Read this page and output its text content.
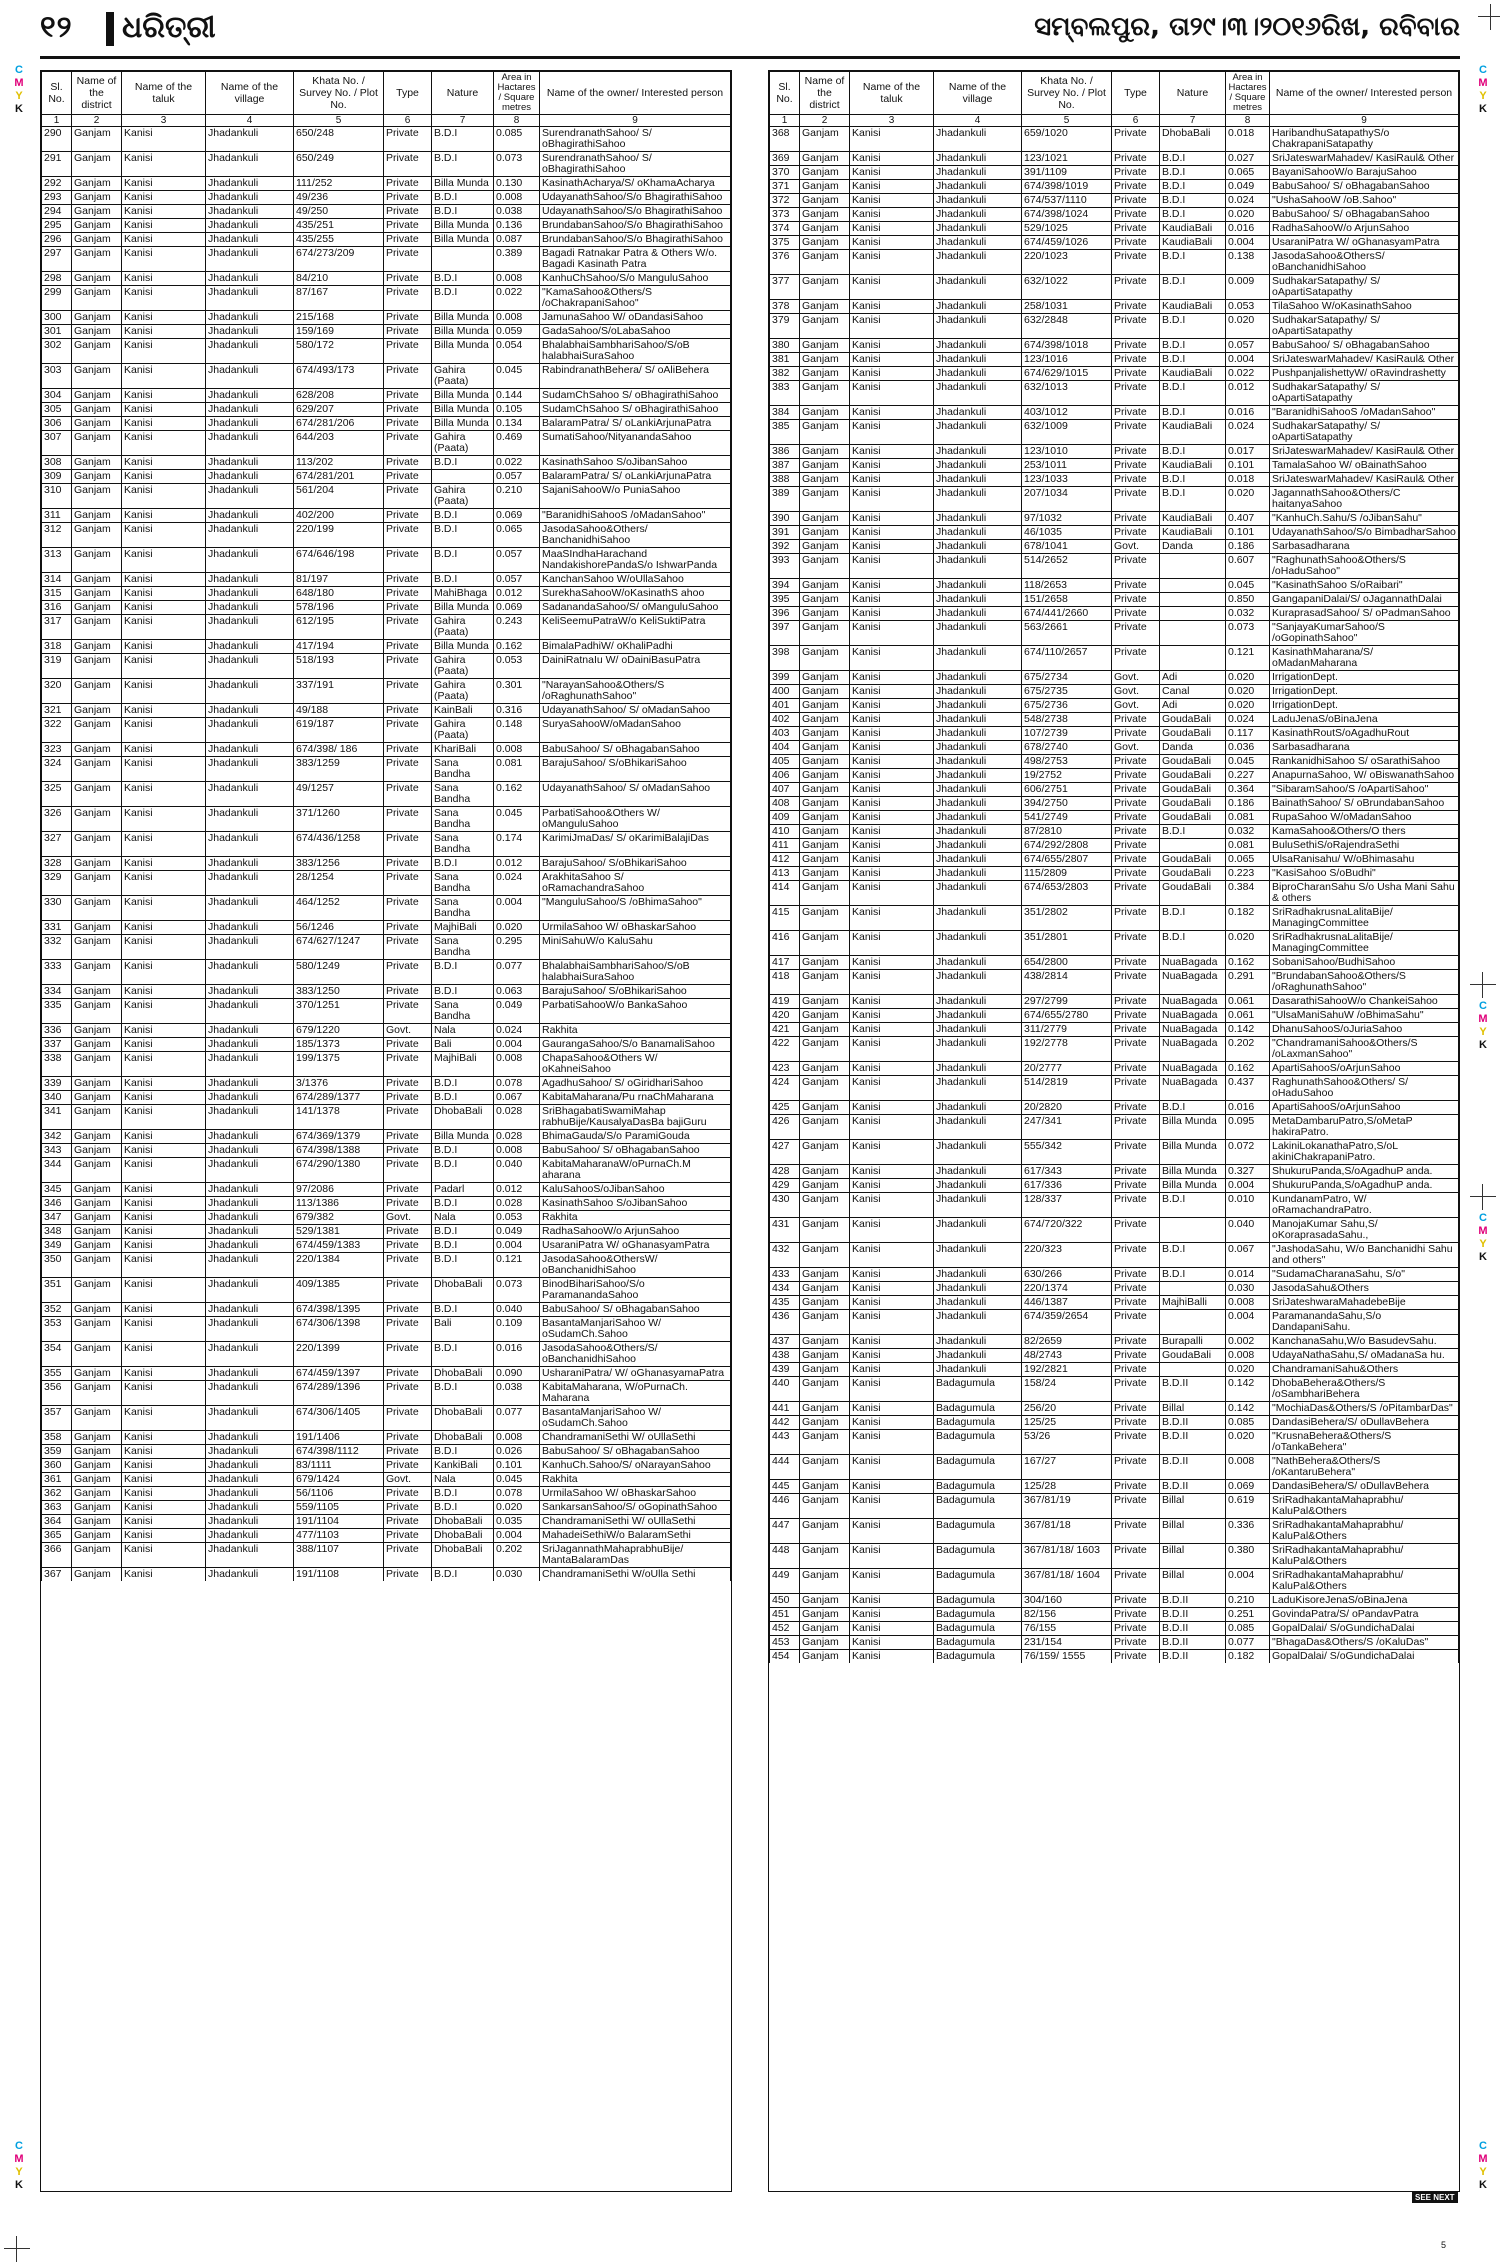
୧୨ ଧରିତ୍ରୀ	ସମ୍ବଲପୁର, ତା୨୯।୩।୨୦୧୬ରିଖ, ରବିବାର
C
M
Y
K
C
M
Y
K
C
M
Y
K
C
M
Y
K
C
M
Y
K
C
M
Y
K
Sl. No.	Name of the district	Name of the taluk	Name of the village	Khata No. / Survey No. / Plot No.	Type	Nature	Area in Hactares / Square metres	Name of the owner/ Interested person
1	2	3	4	5	6	7	8	9
290	Ganjam	Kanisi	Jhadankuli	650/248	Private	B.D.I	0.085	SurendranathSahoo/ S/ oBhagirathiSahoo
291	Ganjam	Kanisi	Jhadankuli	650/249	Private	B.D.I	0.073	SurendranathSahoo/ S/ oBhagirathiSahoo
292	Ganjam	Kanisi	Jhadankuli	111/252	Private	Billa Munda	0.130	KasinathAcharya/S/ oKhamaAcharya
293	Ganjam	Kanisi	Jhadankuli	49/236	Private	B.D.I	0.008	UdayanathSahoo/S/o BhagirathiSahoo
294	Ganjam	Kanisi	Jhadankuli	49/250	Private	B.D.I	0.038	UdayanathSahoo/S/o BhagirathiSahoo
295	Ganjam	Kanisi	Jhadankuli	435/251	Private	Billa Munda	0.136	BrundabanSahoo/S/o BhagirathiSahoo
296	Ganjam	Kanisi	Jhadankuli	435/255	Private	Billa Munda	0.087	BrundabanSahoo/S/o BhagirathiSahoo
297	Ganjam	Kanisi	Jhadankuli	674/273/209	Private		0.389	Bagadi Ratnakar Patra & Others W/o. Bagadi Kasinath Patra
298	Ganjam	Kanisi	Jhadankuli	84/210	Private	B.D.I	0.008	KanhuChSahoo/S/o ManguluSahoo
299	Ganjam	Kanisi	Jhadankuli	87/167	Private	B.D.I	0.022	"KamaSahoo&Others/S /oChakrapaniSahoo"
300	Ganjam	Kanisi	Jhadankuli	215/168	Private	Billa Munda	0.008	JamunaSahoo W/ oDandasiSahoo
301	Ganjam	Kanisi	Jhadankuli	159/169	Private	Billa Munda	0.059	GadaSahoo/S/oLabaSahoo
302	Ganjam	Kanisi	Jhadankuli	580/172	Private	Billa Munda	0.054	BhalabhaiSambhariSahoo/S/oB halabhaiSuraSahoo
303	Ganjam	Kanisi	Jhadankuli	674/493/173	Private	Gahira (Paata)	0.045	RabindranathBehera/ S/ oAliBehera
304	Ganjam	Kanisi	Jhadankuli	628/208	Private	Billa Munda	0.144	SudamChSahoo S/ oBhagirathiSahoo
305	Ganjam	Kanisi	Jhadankuli	629/207	Private	Billa Munda	0.105	SudamChSahoo S/ oBhagirathiSahoo
306	Ganjam	Kanisi	Jhadankuli	674/281/206	Private	Billa Munda	0.134	BalaramPatra/ S/ oLankiArjunaPatra
307	Ganjam	Kanisi	Jhadankuli	644/203	Private	Gahira (Paata)	0.469	SumatiSahoo/NityanandaSahoo
308	Ganjam	Kanisi	Jhadankuli	113/202	Private	B.D.I	0.022	KasinathSahoo S/oJibanSahoo
309	Ganjam	Kanisi	Jhadankuli	674/281/201	Private		0.057	BalaramPatra/ S/ oLankiArjunaPatra
310	Ganjam	Kanisi	Jhadankuli	561/204	Private	Gahira (Paata)	0.210	SajaniSahooW/o PuniaSahoo
311	Ganjam	Kanisi	Jhadankuli	402/200	Private	B.D.I	0.069	"BaranidhiSahooS /oMadanSahoo"
312	Ganjam	Kanisi	Jhadankuli	220/199	Private	B.D.I	0.065	JasodaSahoo&Others/ BanchanidhiSahoo
313	Ganjam	Kanisi	Jhadankuli	674/646/198	Private	B.D.I	0.057	MaaSIndhaHarachand NandakishorePandaS/o IshwarPanda
314	Ganjam	Kanisi	Jhadankuli	81/197	Private	B.D.I	0.057	KanchanSahoo W/oUllaSahoo
315	Ganjam	Kanisi	Jhadankuli	648/180	Private	MahiBhaga	0.012	SurekhaSahooW/oKasinathS ahoo
316	Ganjam	Kanisi	Jhadankuli	578/196	Private	Billa Munda	0.069	SadanandaSahoo/S/ oManguluSahoo
317	Ganjam	Kanisi	Jhadankuli	612/195	Private	Gahira (Paata)	0.243	KeliSeemuPatraW/o KeliSuktiPatra
318	Ganjam	Kanisi	Jhadankuli	417/194	Private	Billa Munda	0.162	BimalaPadhiW/ oKhaliPadhi
319	Ganjam	Kanisi	Jhadankuli	518/193	Private	Gahira (Paata)	0.053	DainiRatnaIu W/ oDainiBasuPatra
320	Ganjam	Kanisi	Jhadankuli	337/191	Private	Gahira (Paata)	0.301	"NarayanSahoo&Others/S /oRaghunathSahoo"
321	Ganjam	Kanisi	Jhadankuli	49/188	Private	KainBali	0.316	UdayanathSahoo/ S/ oMadanSahoo
322	Ganjam	Kanisi	Jhadankuli	619/187	Private	Gahira (Paata)	0.148	SuryaSahooW/oMadanSahoo
323	Ganjam	Kanisi	Jhadankuli	674/398/ 186	Private	KhariBali	0.008	BabuSahoo/ S/ oBhagabanSahoo
324	Ganjam	Kanisi	Jhadankuli	383/1259	Private	Sana Bandha	0.081	BarajuSahoo/ S/oBhikariSahoo
325	Ganjam	Kanisi	Jhadankuli	49/1257	Private	Sana Bandha	0.162	UdayanathSahoo/ S/ oMadanSahoo
326	Ganjam	Kanisi	Jhadankuli	371/1260	Private	Sana Bandha	0.045	ParbatiSahoo&Others W/ oManguluSahoo
327	Ganjam	Kanisi	Jhadankuli	674/436/1258	Private	Sana Bandha	0.174	KarimiJmaDas/ S/ oKarimiBalajiDas
328	Ganjam	Kanisi	Jhadankuli	383/1256	Private	B.D.I	0.012	BarajuSahoo/ S/oBhikariSahoo
329	Ganjam	Kanisi	Jhadankuli	28/1254	Private	Sana Bandha	0.024	ArakhitaSahoo S/ oRamachandraSahoo
330	Ganjam	Kanisi	Jhadankuli	464/1252	Private	Sana Bandha	0.004	"ManguluSahoo/S /oBhimaSahoo"
331	Ganjam	Kanisi	Jhadankuli	56/1246	Private	MajhiBali	0.020	UrmilaSahoo W/ oBhaskarSahoo
332	Ganjam	Kanisi	Jhadankuli	674/627/1247	Private	Sana Bandha	0.295	MiniSahuW/o KaluSahu
333	Ganjam	Kanisi	Jhadankuli	580/1249	Private	B.D.I	0.077	BhalabhaiSambhariSahoo/S/oB halabhaiSuraSahoo
334	Ganjam	Kanisi	Jhadankuli	383/1250	Private	B.D.I	0.063	BarajuSahoo/ S/oBhikariSahoo
335	Ganjam	Kanisi	Jhadankuli	370/1251	Private	Sana Bandha	0.049	ParbatiSahooW/o BankaSahoo
336	Ganjam	Kanisi	Jhadankuli	679/1220	Govt.	Nala	0.024	Rakhita
337	Ganjam	Kanisi	Jhadankuli	185/1373	Private	Bali	0.004	GaurangaSahoo/S/o BanamaliSahoo
338	Ganjam	Kanisi	Jhadankuli	199/1375	Private	MajhiBali	0.008	ChapaSahoo&Others W/ oKahneiSahoo
339	Ganjam	Kanisi	Jhadankuli	3/1376	Private	B.D.I	0.078	AgadhuSahoo/ S/ oGiridhariSahoo
340	Ganjam	Kanisi	Jhadankuli	674/289/1377	Private	B.D.I	0.067	KabitaMaharana/Pu rnaChMaharana
341	Ganjam	Kanisi	Jhadankuli	141/1378	Private	DhobaBali	0.028	SriBhagabatiSwamiMahap rabhuBije/KausalyaDasBa bajiGuru
342	Ganjam	Kanisi	Jhadankuli	674/369/1379	Private	Billa Munda	0.028	BhimaGauda/S/o ParamiGouda
343	Ganjam	Kanisi	Jhadankuli	674/398/1388	Private	B.D.I	0.008	BabuSahoo/ S/ oBhagabanSahoo
344	Ganjam	Kanisi	Jhadankuli	674/290/1380	Private	B.D.I	0.040	KabitaMaharanaW/oPurnaCh.M aharana
345	Ganjam	Kanisi	Jhadankuli	97/2086	Private	Padarl	0.012	KaluSahooS/oJibanSahoo
346	Ganjam	Kanisi	Jhadankuli	113/1386	Private	B.D.I	0.028	KasinathSahoo S/oJibanSahoo
347	Ganjam	Kanisi	Jhadankuli	679/382	Govt.	Nala	0.053	Rakhita
348	Ganjam	Kanisi	Jhadankuli	529/1381	Private	B.D.I	0.049	RadhaSahooW/o ArjunSahoo
349	Ganjam	Kanisi	Jhadankuli	674/459/1383	Private	B.D.I	0.004	UsaraniPatra W/ oGhanasyamPatra
350	Ganjam	Kanisi	Jhadankuli	220/1384	Private	B.D.I	0.121	JasodaSahoo&OthersW/ oBanchanidhiSahoo
351	Ganjam	Kanisi	Jhadankuli	409/1385	Private	DhobaBali	0.073	BinodBihariSahoo/S/o ParamanandaSahoo
352	Ganjam	Kanisi	Jhadankuli	674/398/1395	Private	B.D.I	0.040	BabuSahoo/ S/ oBhagabanSahoo
353	Ganjam	Kanisi	Jhadankuli	674/306/1398	Private	Bali	0.109	BasantaManjariSahoo W/ oSudamCh.Sahoo
354	Ganjam	Kanisi	Jhadankuli	220/1399	Private	B.D.I	0.016	JasodaSahoo&Others/S/ oBanchanidhiSahoo
355	Ganjam	Kanisi	Jhadankuli	674/459/1397	Private	DhobaBali	0.090	UsharaniPatra/ W/ oGhanasyamaPatra
356	Ganjam	Kanisi	Jhadankuli	674/289/1396	Private	B.D.I	0.038	KabitaMaharana, W/oPurnaCh. Maharana
357	Ganjam	Kanisi	Jhadankuli	674/306/1405	Private	DhobaBali	0.077	BasantaManjariSahoo W/ oSudamCh.Sahoo
358	Ganjam	Kanisi	Jhadankuli	191/1406	Private	DhobaBali	0.008	ChandramaniSethi W/ oUllaSethi
359	Ganjam	Kanisi	Jhadankuli	674/398/1112	Private	B.D.I	0.026	BabuSahoo/ S/ oBhagabanSahoo
360	Ganjam	Kanisi	Jhadankuli	83/1111	Private	KankiBali	0.101	KanhuCh.Sahoo/S/ oNarayanSahoo
361	Ganjam	Kanisi	Jhadankuli	679/1424	Govt.	Nala	0.045	Rakhita
362	Ganjam	Kanisi	Jhadankuli	56/1106	Private	B.D.I	0.078	UrmilaSahoo W/ oBhaskarSahoo
363	Ganjam	Kanisi	Jhadankuli	559/1105	Private	B.D.I	0.020	SankarsanSahoo/S/ oGopinathSahoo
364	Ganjam	Kanisi	Jhadankuli	191/1104	Private	DhobaBali	0.035	ChandramaniSethi W/ oUllaSethi
365	Ganjam	Kanisi	Jhadankuli	477/1103	Private	DhobaBali	0.004	MahadeiSethiW/o BalaramSethi
366	Ganjam	Kanisi	Jhadankuli	388/1107	Private	DhobaBali	0.202	SriJagannathMahaprabhuBije/ MantaBalaramDas
367	Ganjam	Kanisi	Jhadankuli	191/1108	Private	B.D.I	0.030	ChandramaniSethi W/oUlla Sethi
Sl. No.	Name of the district	Name of the taluk	Name of the village	Khata No. / Survey No. / Plot No.	Type	Nature	Area in Hactares / Square metres	Name of the owner/ Interested person
1	2	3	4	5	6	7	8	9
368	Ganjam	Kanisi	Jhadankuli	659/1020	Private	DhobaBali	0.018	HaribandhuSatapathyS/o ChakrapaniSatapathy
369	Ganjam	Kanisi	Jhadankuli	123/1021	Private	B.D.I	0.027	SriJateswarMahadev/ KasiRaul& Other
370	Ganjam	Kanisi	Jhadankuli	391/1109	Private	B.D.I	0.065	BayaniSahooW/o BarajuSahoo
371	Ganjam	Kanisi	Jhadankuli	674/398/1019	Private	B.D.I	0.049	BabuSahoo/ S/ oBhagabanSahoo
372	Ganjam	Kanisi	Jhadankuli	674/537/1110	Private	B.D.I	0.024	"UshaSahooW /oB.Sahoo"
373	Ganjam	Kanisi	Jhadankuli	674/398/1024	Private	B.D.I	0.020	BabuSahoo/ S/ oBhagabanSahoo
374	Ganjam	Kanisi	Jhadankuli	529/1025	Private	KaudiaBali	0.016	RadhaSahooW/o ArjunSahoo
375	Ganjam	Kanisi	Jhadankuli	674/459/1026	Private	KaudiaBali	0.004	UsaraniPatra W/ oGhanasyamPatra
376	Ganjam	Kanisi	Jhadankuli	220/1023	Private	B.D.I	0.138	JasodaSahoo&OthersS/ oBanchanidhiSahoo
377	Ganjam	Kanisi	Jhadankuli	632/1022	Private	B.D.I	0.009	SudhakarSatapathy/ S/ oApartiSatapathy
378	Ganjam	Kanisi	Jhadankuli	258/1031	Private	KaudiaBali	0.053	TilaSahoo W/oKasinathSahoo
379	Ganjam	Kanisi	Jhadankuli	632/2848	Private	B.D.I	0.020	SudhakarSatapathy/ S/ oApartiSatapathy
380	Ganjam	Kanisi	Jhadankuli	674/398/1018	Private	B.D.I	0.057	BabuSahoo/ S/ oBhagabanSahoo
381	Ganjam	Kanisi	Jhadankuli	123/1016	Private	B.D.I	0.004	SriJateswarMahadev/ KasiRaul& Other
382	Ganjam	Kanisi	Jhadankuli	674/629/1015	Private	KaudiaBali	0.022	PushpanjalishettyW/ oRavindrashetty
383	Ganjam	Kanisi	Jhadankuli	632/1013	Private	B.D.I	0.012	SudhakarSatapathy/ S/ oApartiSatapathy
384	Ganjam	Kanisi	Jhadankuli	403/1012	Private	B.D.I	0.016	"BaranidhiSahooS /oMadanSahoo"
385	Ganjam	Kanisi	Jhadankuli	632/1009	Private	KaudiaBali	0.024	SudhakarSatapathy/ S/ oApartiSatapathy
386	Ganjam	Kanisi	Jhadankuli	123/1010	Private	B.D.I	0.017	SriJateswarMahadev/ KasiRaul& Other
387	Ganjam	Kanisi	Jhadankuli	253/1011	Private	KaudiaBali	0.101	TamalaSahoo W/ oBainathSahoo
388	Ganjam	Kanisi	Jhadankuli	123/1033	Private	B.D.I	0.018	SriJateswarMahadev/ KasiRaul& Other
389	Ganjam	Kanisi	Jhadankuli	207/1034	Private	B.D.I	0.020	JagannathSahoo&Others/C haitanyaSahoo
390	Ganjam	Kanisi	Jhadankuli	97/1032	Private	KaudiaBali	0.407	"KanhuCh.Sahu/S /oJibanSahu"
391	Ganjam	Kanisi	Jhadankuli	46/1035	Private	KaudiaBali	0.101	UdayanathSahoo/S/o BimbadharSahoo
392	Ganjam	Kanisi	Jhadankuli	678/1041	Govt.	Danda	0.186	Sarbasadharana
393	Ganjam	Kanisi	Jhadankuli	514/2652	Private		0.607	"RaghunathSahoo&Others/S /oHaduSahoo"
394	Ganjam	Kanisi	Jhadankuli	118/2653	Private		0.045	"KasinathSahoo S/oRaibari"
395	Ganjam	Kanisi	Jhadankuli	151/2658	Private		0.850	GangapaniDalai/S/ oJagannathDalai
396	Ganjam	Kanisi	Jhadankuli	674/441/2660	Private		0.032	KuraprasadSahoo/ S/ oPadmanSahoo
397	Ganjam	Kanisi	Jhadankuli	563/2661	Private		0.073	"SanjayaKumarSahoo/S /oGopinathSahoo"
398	Ganjam	Kanisi	Jhadankuli	674/110/2657	Private		0.121	KasinathMaharana/S/ oMadanMaharana
399	Ganjam	Kanisi	Jhadankuli	675/2734	Govt.	Adi	0.020	IrrigationDept.
400	Ganjam	Kanisi	Jhadankuli	675/2735	Govt.	Canal	0.020	IrrigationDept.
401	Ganjam	Kanisi	Jhadankuli	675/2736	Govt.	Adi	0.020	IrrigationDept.
402	Ganjam	Kanisi	Jhadankuli	548/2738	Private	GoudaBali	0.024	LaduJenaS/oBinaJena
403	Ganjam	Kanisi	Jhadankuli	107/2739	Private	GoudaBali	0.117	KasinathRoutS/oAgadhuRout
404	Ganjam	Kanisi	Jhadankuli	678/2740	Govt.	Danda	0.036	Sarbasadharana
405	Ganjam	Kanisi	Jhadankuli	498/2753	Private	GoudaBali	0.045	RankanidhiSahoo S/ oSarathiSahoo
406	Ganjam	Kanisi	Jhadankuli	19/2752	Private	GoudaBali	0.227	AnapurnaSahoo, W/ oBiswanathSahoo
407	Ganjam	Kanisi	Jhadankuli	606/2751	Private	GoudaBali	0.364	"SibaramSahoo/S /oApartiSahoo"
408	Ganjam	Kanisi	Jhadankuli	394/2750	Private	GoudaBali	0.186	BainathSahoo/ S/ oBrundabanSahoo
409	Ganjam	Kanisi	Jhadankuli	541/2749	Private	GoudaBali	0.081	RupaSahoo W/oMadanSahoo
410	Ganjam	Kanisi	Jhadankuli	87/2810	Private	B.D.I	0.032	KamaSahoo&Others/O thers
411	Ganjam	Kanisi	Jhadankuli	674/292/2808	Private		0.081	BuluSethiS/oRajendraSethi
412	Ganjam	Kanisi	Jhadankuli	674/655/2807	Private	GoudaBali	0.065	UlsaRanisahu/ W/oBhimasahu
413	Ganjam	Kanisi	Jhadankuli	115/2809	Private	GoudaBali	0.223	"KasiSahoo S/oBudhi"
414	Ganjam	Kanisi	Jhadankuli	674/653/2803	Private	GoudaBali	0.384	BiproCharanSahu S/o Usha Mani Sahu & others
415	Ganjam	Kanisi	Jhadankuli	351/2802	Private	B.D.I	0.182	SriRadhakrusnaLalitaBije/ ManagingCommittee
416	Ganjam	Kanisi	Jhadankuli	351/2801	Private	B.D.I	0.020	SriRadhakrusnaLalitaBije/ ManagingCommittee
417	Ganjam	Kanisi	Jhadankuli	654/2800	Private	NuaBagada	0.162	SobaniSahoo/BudhiSahoo
418	Ganjam	Kanisi	Jhadankuli	438/2814	Private	NuaBagada	0.291	"BrundabanSahoo&Others/S /oRaghunathSahoo"
419	Ganjam	Kanisi	Jhadankuli	297/2799	Private	NuaBagada	0.061	DasarathiSahooW/o ChankeiSahoo
420	Ganjam	Kanisi	Jhadankuli	674/655/2780	Private	NuaBagada	0.061	"UlsaManiSahuW /oBhimaSahu"
421	Ganjam	Kanisi	Jhadankuli	311/2779	Private	NuaBagada	0.142	DhanuSahooS/oJuriaSahoo
422	Ganjam	Kanisi	Jhadankuli	192/2778	Private	NuaBagada	0.202	"ChandramaniSahoo&Others/S /oLaxmanSahoo"
423	Ganjam	Kanisi	Jhadankuli	20/2777	Private	NuaBagada	0.162	ApartiSahooS/oArjunSahoo
424	Ganjam	Kanisi	Jhadankuli	514/2819	Private	NuaBagada	0.437	RaghunathSahoo&Others/ S/ oHaduSahoo
425	Ganjam	Kanisi	Jhadankuli	20/2820	Private	B.D.I	0.016	ApartiSahooS/oArjunSahoo
426	Ganjam	Kanisi	Jhadankuli	247/341	Private	Billa Munda	0.095	MetaDambaruPatro,S/oMetaP hakiraPatro.
427	Ganjam	Kanisi	Jhadankuli	555/342	Private	Billa Munda	0.072	LakiniLokanathaPatro,S/oL akiniChakrapaniPatro.
428	Ganjam	Kanisi	Jhadankuli	617/343	Private	Billa Munda	0.327	ShukuruPanda,S/oAgadhuP anda.
429	Ganjam	Kanisi	Jhadankuli	617/336	Private	Billa Munda	0.004	ShukuruPanda,S/oAgadhuP anda.
430	Ganjam	Kanisi	Jhadankuli	128/337	Private	B.D.I	0.010	KundanamPatro, W/ oRamachandraPatro.
431	Ganjam	Kanisi	Jhadankuli	674/720/322	Private		0.040	ManojaKumar Sahu,S/ oKoraprasadaSahu.,
432	Ganjam	Kanisi	Jhadankuli	220/323	Private	B.D.I	0.067	"JashodaSahu, W/o Banchanidhi Sahu and others"
433	Ganjam	Kanisi	Jhadankuli	630/266	Private	B.D.I	0.014	"SudamaCharanaSahu, S/o"
434	Ganjam	Kanisi	Jhadankuli	220/1374	Private		0.030	JasodaSahu&Others
435	Ganjam	Kanisi	Jhadankuli	446/1387	Private	MajhiBalli	0.008	SriJateshwaraMahadebeBije
436	Ganjam	Kanisi	Jhadankuli	674/359/2654	Private		0.004	ParamanandaSahu,S/o DandapaniSahu.
437	Ganjam	Kanisi	Jhadankuli	82/2659	Private	Burapalli	0.002	KanchanaSahu,W/o BasudevSahu.
438	Ganjam	Kanisi	Jhadankuli	48/2743	Private	GoudaBali	0.008	UdayaNathaSahu,S/ oMadanaSa hu.
439	Ganjam	Kanisi	Jhadankuli	192/2821	Private		0.020	ChandramaniSahu&Others
440	Ganjam	Kanisi	Badagumula	158/24	Private	B.D.II	0.142	DhobaBehera&Others/S /oSambhariBehera
441	Ganjam	Kanisi	Badagumula	256/20	Private	Billal	0.142	"MochiaDas&Others/S /oPitambarDas"
442	Ganjam	Kanisi	Badagumula	125/25	Private	B.D.II	0.085	DandasiBehera/S/ oDullavBehera
443	Ganjam	Kanisi	Badagumula	53/26	Private	B.D.II	0.020	"KrusnaBehera&Others/S /oTankaBehera"
444	Ganjam	Kanisi	Badagumula	167/27	Private	B.D.II	0.008	"NathBehera&Others/S /oKantaruBehera"
445	Ganjam	Kanisi	Badagumula	125/28	Private	B.D.II	0.069	DandasiBehera/S/ oDullavBehera
446	Ganjam	Kanisi	Badagumula	367/81/19	Private	Billal	0.619	SriRadhakantaMahaprabhu/ KaluPal&Others
447	Ganjam	Kanisi	Badagumula	367/81/18	Private	Billal	0.336	SriRadhakantaMahaprabhu/ KaluPal&Others
448	Ganjam	Kanisi	Badagumula	367/81/18/ 1603	Private	Billal	0.380	SriRadhakantaMahaprabhu/ KaluPal&Others
449	Ganjam	Kanisi	Badagumula	367/81/18/ 1604	Private	Billal	0.004	SriRadhakantaMahaprabhu/ KaluPal&Others
450	Ganjam	Kanisi	Badagumula	304/160	Private	B.D.II	0.210	LaduKisoreJenaS/oBinaJena
451	Ganjam	Kanisi	Badagumula	82/156	Private	B.D.II	0.251	GovindaPatra/S/ oPandavPatra
452	Ganjam	Kanisi	Badagumula	76/155	Private	B.D.II	0.085	GopalDalai/ S/oGundichaDalai
453	Ganjam	Kanisi	Badagumula	231/154	Private	B.D.II	0.077	"BhagaDas&Others/S /oKaluDas"
454	Ganjam	Kanisi	Badagumula	76/159/ 1555	Private	B.D.II	0.182	GopalDalai/ S/oGundichaDalai
SEE NEXT
5
